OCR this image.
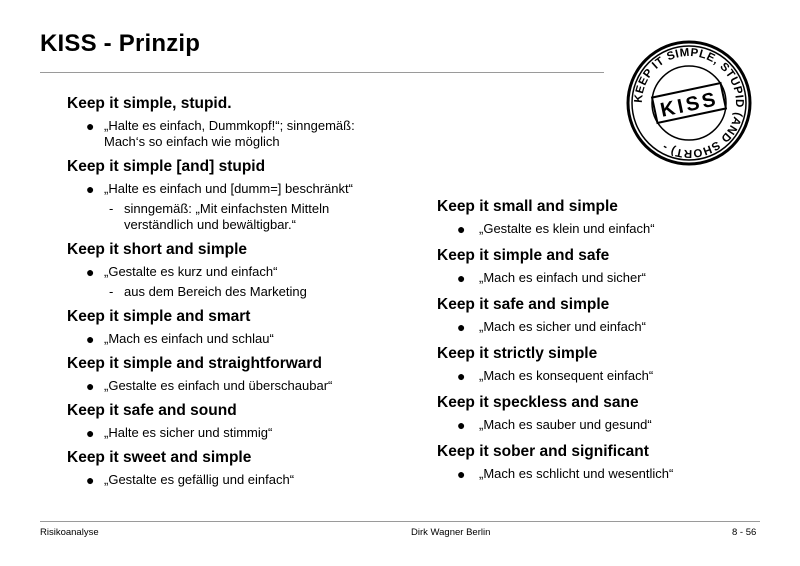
KISS - Prinzip
KEEP IT SIMPLE, STUPID (AND SHORT) -
KISS
Keep it simple, stupid.
● „Halte es einfach, Dummkopf!“; sinngemäß:
Mach‘s so einfach wie möglich
Keep it simple [and] stupid
● „Halte es einfach und [dumm=] beschränkt“
- sinngemäß: „Mit einfachsten Mitteln
verständlich und bewältigbar.“
Keep it short and simple
● „Gestalte es kurz und einfach“
- aus dem Bereich des Marketing
Keep it simple and smart
● „Mach es einfach und schlau“
Keep it simple and straightforward
● „Gestalte es einfach und überschaubar“
Keep it safe and sound
● „Halte es sicher und stimmig“
Keep it sweet and simple
● „Gestalte es gefällig und einfach“
Keep it small and simple
● „Gestalte es klein und einfach“
Keep it simple and safe
● „Mach es einfach und sicher“
Keep it safe and simple
● „Mach es sicher und einfach“
Keep it strictly simple
● „Mach es konsequent einfach“
Keep it speckless and sane
● „Mach es sauber und gesund“
Keep it sober and significant
● „Mach es schlicht und wesentlich“
Risikoanalyse	Dirk Wagner Berlin	8 - 56
